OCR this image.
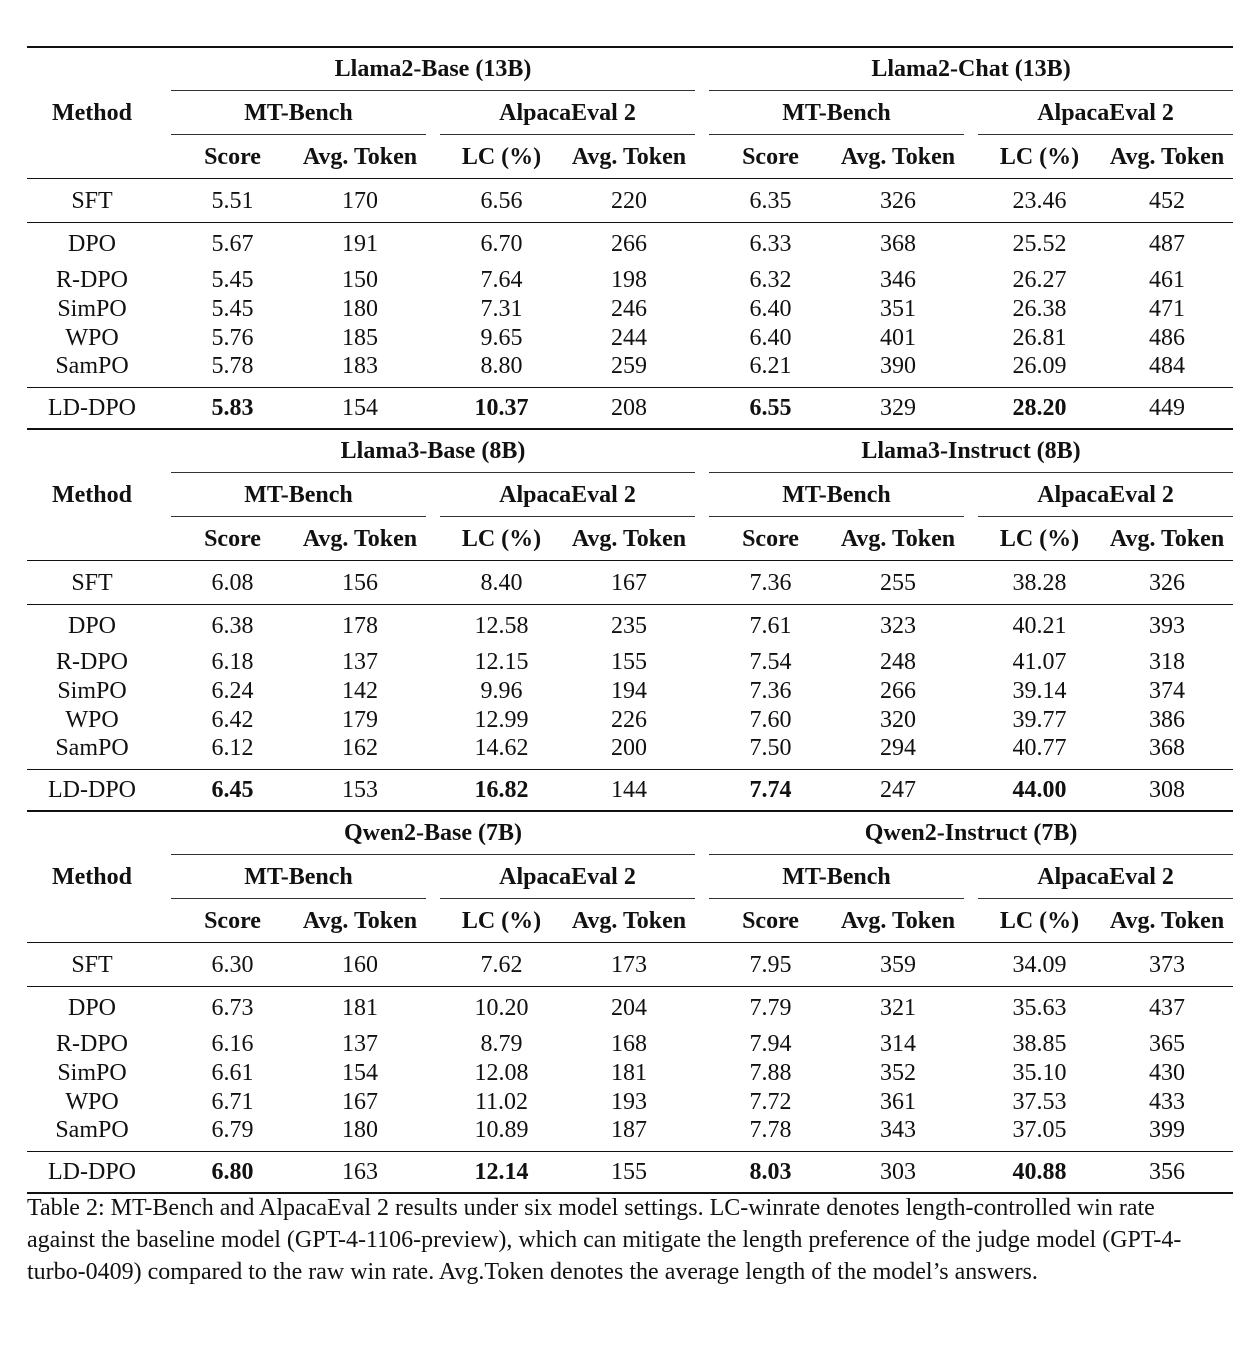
Method		Llama2-Base (13B)						Llama2-Chat (13B)				
		MT-Bench			AlpacaEval 2			MT-Bench			AlpacaEval 2	
		Score	Avg. Token		LC (%)	Avg. Token		Score	Avg. Token		LC (%)	Avg. Token
SFT		5.51	170		6.56	220		6.35	326		23.46	452
DPO		5.67	191		6.70	266		6.33	368		25.52	487
R-DPO		5.45	150		7.64	198		6.32	346		26.27	461
SimPO		5.45	180		7.31	246		6.40	351		26.38	471
WPO		5.76	185		9.65	244		6.40	401		26.81	486
SamPO		5.78	183		8.80	259		6.21	390		26.09	484
LD-DPO		5.83	154		10.37	208		6.55	329		28.20	449
Method		Llama3-Base (8B)						Llama3-Instruct (8B)				
		MT-Bench			AlpacaEval 2			MT-Bench			AlpacaEval 2	
		Score	Avg. Token		LC (%)	Avg. Token		Score	Avg. Token		LC (%)	Avg. Token
SFT		6.08	156		8.40	167		7.36	255		38.28	326
DPO		6.38	178		12.58	235		7.61	323		40.21	393
R-DPO		6.18	137		12.15	155		7.54	248		41.07	318
SimPO		6.24	142		9.96	194		7.36	266		39.14	374
WPO		6.42	179		12.99	226		7.60	320		39.77	386
SamPO		6.12	162		14.62	200		7.50	294		40.77	368
LD-DPO		6.45	153		16.82	144		7.74	247		44.00	308
Method		Qwen2-Base (7B)						Qwen2-Instruct (7B)				
		MT-Bench			AlpacaEval 2			MT-Bench			AlpacaEval 2	
		Score	Avg. Token		LC (%)	Avg. Token		Score	Avg. Token		LC (%)	Avg. Token
SFT		6.30	160		7.62	173		7.95	359		34.09	373
DPO		6.73	181		10.20	204		7.79	321		35.63	437
R-DPO		6.16	137		8.79	168		7.94	314		38.85	365
SimPO		6.61	154		12.08	181		7.88	352		35.10	430
WPO		6.71	167		11.02	193		7.72	361		37.53	433
SamPO		6.79	180		10.89	187		7.78	343		37.05	399
LD-DPO		6.80	163		12.14	155		8.03	303		40.88	356
Table 2: MT-Bench and AlpacaEval 2 results under six model settings. LC-winrate denotes length-controlled win rate against the baseline model (GPT-4-1106-preview), which can mitigate the length preference of the judge model (GPT-4-turbo-0409) compared to the raw win rate. Avg.Token denotes the average length of the model’s answers.
